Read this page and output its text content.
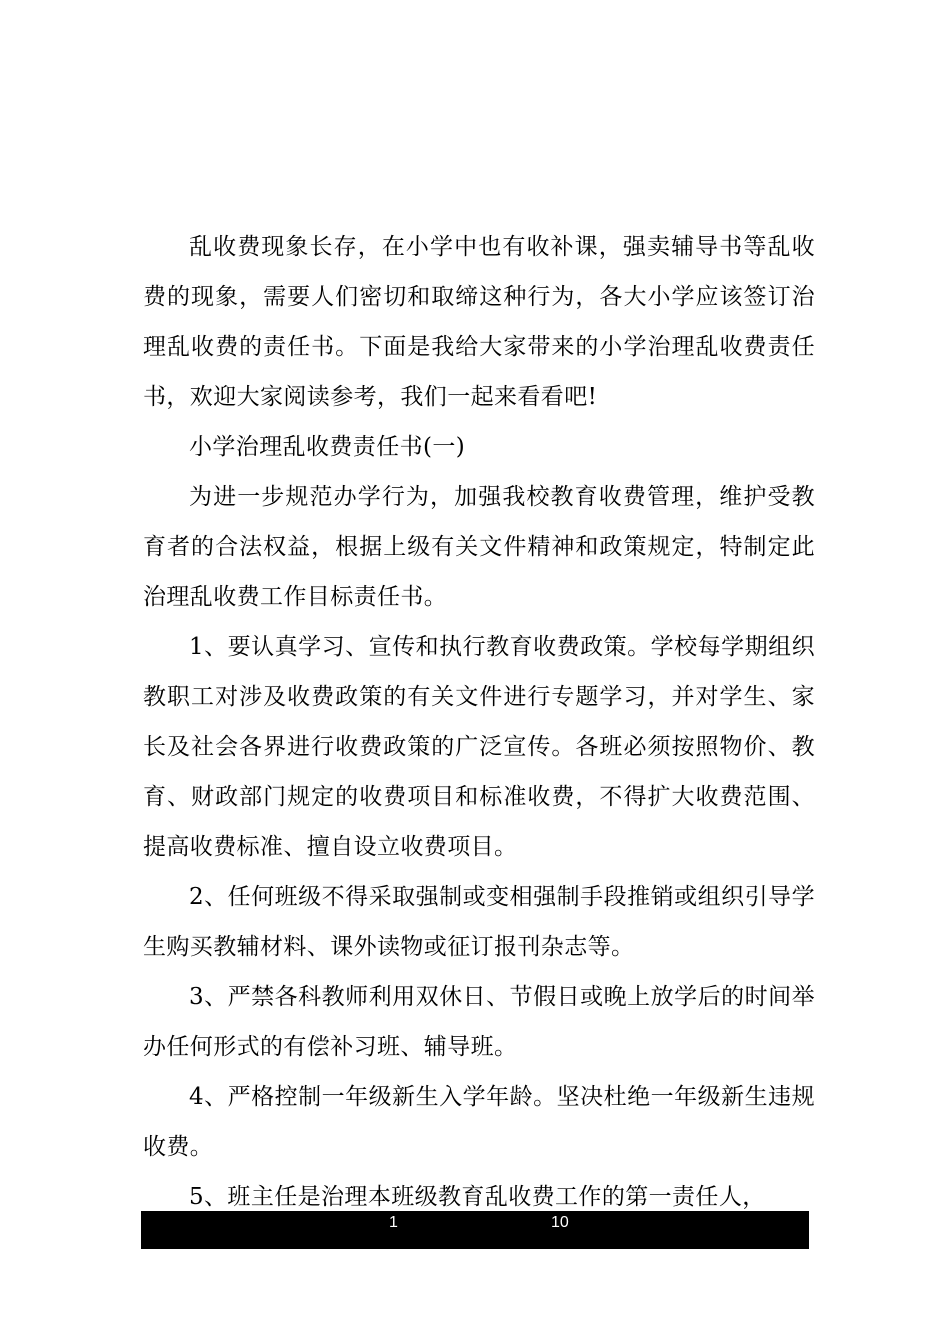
乱收费现象长存，在小学中也有收补课，强卖辅导书等乱收费的现象，需要人们密切和取缔这种行为，各大小学应该签订治理乱收费的责任书。下面是我给大家带来的小学治理乱收费责任书，欢迎大家阅读参考，我们一起来看看吧!

小学治理乱收费责任书(一)

为进一步规范办学行为，加强我校教育收费管理，维护受教育者的合法权益，根据上级有关文件精神和政策规定，特制定此治理乱收费工作目标责任书。

1、要认真学习、宣传和执行教育收费政策。学校每学期组织教职工对涉及收费政策的有关文件进行专题学习，并对学生、家长及社会各界进行收费政策的广泛宣传。各班必须按照物价、教育、财政部门规定的收费项目和标准收费，不得扩大收费范围、提高收费标准、擅自设立收费项目。

2、任何班级不得采取强制或变相强制手段推销或组织引导学生购买教辅材料、课外读物或征订报刊杂志等。

3、严禁各科教师利用双休日、节假日或晚上放学后的时间举办任何形式的有偿补习班、辅导班。

4、严格控制一年级新生入学年龄。坚决杜绝一年级新生违规收费。

5、班主任是治理本班级教育乱收费工作的第一责任人，

1	10
